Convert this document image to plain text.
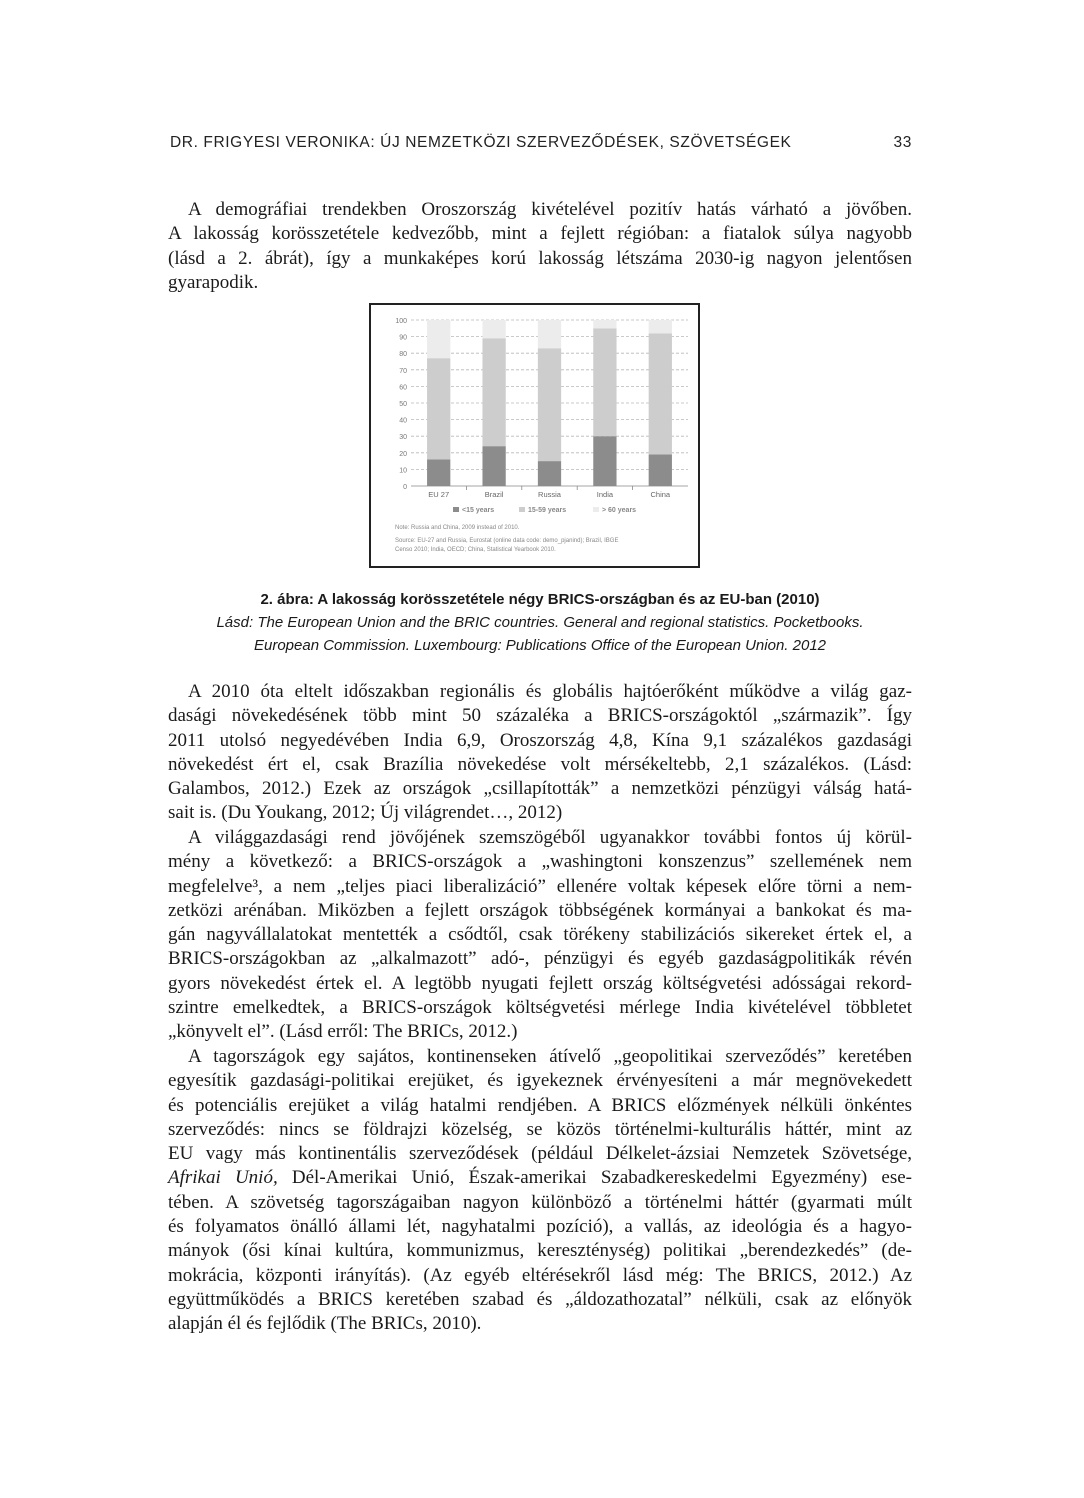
DR. FRIGYESI VERONIKA: ÚJ NEMZETKÖZI SZERVEZŐDÉSEK, SZÖVETSÉGEK	33
A demográfiai trendekben Oroszország kivételével pozitív hatás várható a jövőben.
A lakosság korösszetétele kedvezőbb, mint a fejlett régióban: a fiatalok súlya nagyobb
(lásd a 2. ábrát), így a munkaképes korú lakosság létszáma 2030-ig nagyon jelentősen
gyarapodik.
0
10
20
30
40
50
60
70
80
90
100
EU 27	Brazil	Russia	India	China
<15 years	15-59 years	> 60 years
Note: Russia and China, 2009 instead of 2010.
Source: EU-27 and Russia, Eurostat (online data code: demo_pjanind); Brazil, IBGE
Censo 2010; India, OECD; China, Statistical Yearbook 2010.
2. ábra: A lakosság korösszetétele négy BRICS-országban és az EU-ban (2010)
Lásd: The European Union and the BRIC countries. General and regional statistics. Pocketbooks.
European Commission. Luxembourg: Publications Office of the European Union. 2012
A 2010 óta eltelt időszakban regionális és globális hajtóerőként működve a világ gaz-
dasági növekedésének több mint 50 százaléka a BRICS-országoktól „származik”. Így
2011 utolsó negyedévében India 6,9, Oroszország 4,8, Kína 9,1 százalékos gazdasági
növekedést ért el, csak Brazília növekedése volt mérsékeltebb, 2,1 százalékos. (Lásd:
Galambos, 2012.) Ezek az országok „csillapították” a nemzetközi pénzügyi válság hatá-
sait is. (Du Youkang, 2012; Új világrendet…, 2012)
A világgazdasági rend jövőjének szemszögéből ugyanakkor további fontos új körül-
mény a következő: a BRICS-országok a „washingtoni konszenzus” szellemének nem
megfelelve³, a nem „teljes piaci liberalizáció” ellenére voltak képesek előre törni a nem-
zetközi arénában. Miközben a fejlett országok többségének kormányai a bankokat és ma-
gán nagyvállalatokat mentették a csődtől, csak törékeny stabilizációs sikereket értek el, a
BRICS-országokban az „alkalmazott” adó-, pénzügyi és egyéb gazdaságpolitikák révén
gyors növekedést értek el. A legtöbb nyugati fejlett ország költségvetési adósságai rekord-
szintre emelkedtek, a BRICS-országok költségvetési mérlege India kivételével többletet
„könyvelt el”. (Lásd erről: The BRICs, 2012.)
A tagországok egy sajátos, kontinenseken átívelő „geopolitikai szerveződés” keretében
egyesítik gazdasági-politikai erejüket, és igyekeznek érvényesíteni a már megnövekedett
és potenciális erejüket a világ hatalmi rendjében. A BRICS előzmények nélküli önkéntes
szerveződés: nincs se földrajzi közelség, se közös történelmi-kulturális háttér, mint az
EU vagy más kontinentális szerveződések (például Délkelet-ázsiai Nemzetek Szövetsége,
Afrikai Unió, Dél-Amerikai Unió, Észak-amerikai Szabadkereskedelmi Egyezmény) ese-
tében. A szövetség tagországaiban nagyon különböző a történelmi háttér (gyarmati múlt
és folyamatos önálló állami lét, nagyhatalmi pozíció), a vallás, az ideológia és a hagyo-
mányok (ősi kínai kultúra, kommunizmus, kereszténység) politikai „berendezkedés” (de-
mokrácia, központi irányítás). (Az egyéb eltérésekről lásd még: The BRICS, 2012.) Az
együttműködés a BRICS keretében szabad és „áldozathozatal” nélküli, csak az előnyök
alapján él és fejlődik (The BRICs, 2010).
